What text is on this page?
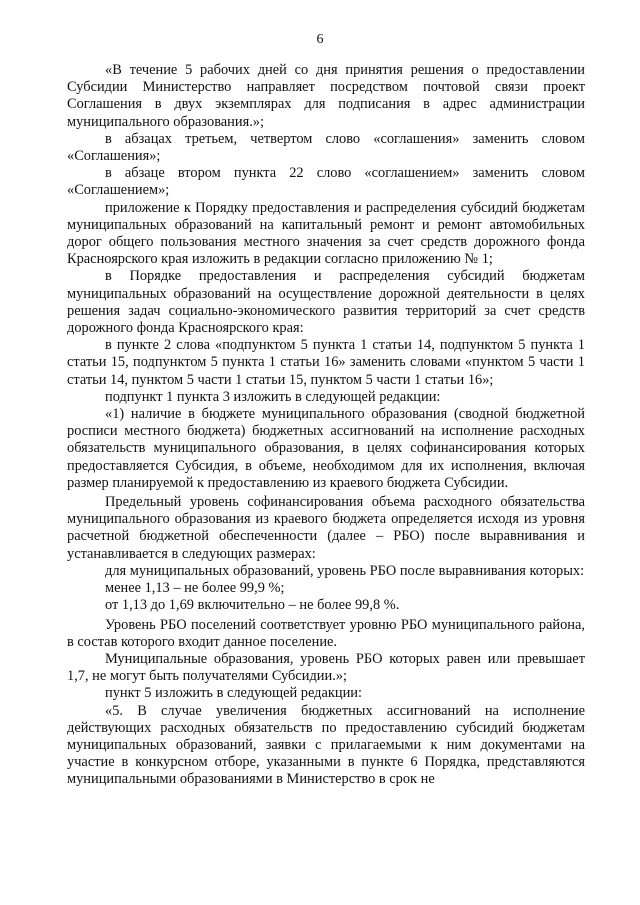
6

«В течение 5 рабочих дней со дня принятия решения о предоставлении Субсидии Министерство направляет посредством почтовой связи проект Соглашения в двух экземплярах для подписания в адрес администрации муниципального образования.»;

в абзацах третьем, четвертом слово «соглашения» заменить словом «Соглашения»;

в абзаце втором пункта 22 слово «соглашением» заменить словом «Соглашением»;

приложение к Порядку предоставления и распределения субсидий бюджетам муниципальных образований на капитальный ремонт и ремонт автомобильных дорог общего пользования местного значения за счет средств дорожного фонда Красноярского края изложить в редакции согласно приложению № 1;

в Порядке предоставления и распределения субсидий бюджетам муниципальных образований на осуществление дорожной деятельности в целях решения задач социально-экономического развития территорий за счет средств дорожного фонда Красноярского края:

в пункте 2 слова «подпунктом 5 пункта 1 статьи 14, подпунктом 5 пункта 1 статьи 15, подпунктом 5 пункта 1 статьи 16» заменить словами «пунктом 5 части 1 статьи 14, пунктом 5 части 1 статьи 15, пунктом 5 части 1 статьи 16»;

подпункт 1 пункта 3 изложить в следующей редакции:

«1) наличие в бюджете муниципального образования (сводной бюджетной росписи местного бюджета) бюджетных ассигнований на исполнение расходных обязательств муниципального образования, в целях софинансирования которых предоставляется Субсидия, в объеме, необходимом для их исполнения, включая размер планируемой к предоставлению из краевого бюджета Субсидии.

Предельный уровень софинансирования объема расходного обязательства муниципального образования из краевого бюджета определяется исходя из уровня расчетной бюджетной обеспеченности (далее – РБО) после выравнивания и устанавливается в следующих размерах:

для муниципальных образований, уровень РБО после выравнивания которых:

менее 1,13 – не более 99,9 %;

от 1,13 до 1,69 включительно – не более 99,8 %.

Уровень РБО поселений соответствует уровню РБО муниципального района, в состав которого входит данное поселение.

Муниципальные образования, уровень РБО которых равен или превышает 1,7, не могут быть получателями Субсидии.»;

пункт 5 изложить в следующей редакции:

«5. В случае увеличения бюджетных ассигнований на исполнение действующих расходных обязательств по предоставлению субсидий бюджетам муниципальных образований, заявки с прилагаемыми к ним документами на участие в конкурсном отборе, указанными в пункте 6 Порядка, представляются муниципальными образованиями в Министерство в срок не
